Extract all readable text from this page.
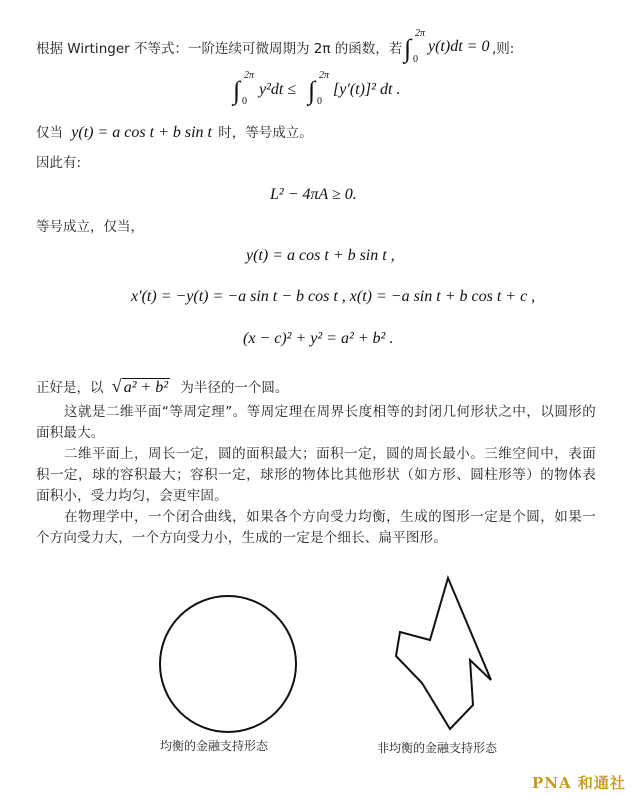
根据 Wirtinger 不等式：一阶连续可微周期为 2π 的函数，若 ∫
2π
0
y(t)dt = 0 ,则:
∫
2π
0
y²dt ≤ ∫
2π
0
[y′(t)]² dt .
仅当 y(t) = a cos t + b sin t 时，等号成立。
因此有:
L² − 4πA ≥ 0.
等号成立，仅当，
y(t) = a cos t + b sin t ,
x′(t) = −y(t) = −a sin t − b cos t , x(t) = −a sin t + b cos t + c ,
(x − c)² + y² = a² + b² .
正好是，以 √ a² + b² 为半径的一个圆。
这就是二维平面“等周定理”。等周定理在周界长度相等的封闭几何形状之中，以圆形的面积最大。
二维平面上，周长一定，圆的面积最大；面积一定，圆的周长最小。三维空间中，表面积一定，球的容积最大；容积一定，球形的物体比其他形状（如方形、圆柱形等）的物体表面积小，受力均匀，会更牢固。
在物理学中，一个闭合曲线，如果各个方向受力均衡，生成的图形一定是个圆，如果一个方向受力大，一个方向受力小，生成的一定是个细长、扁平图形。
均衡的金融支持形态	非均衡的金融支持形态
PNA 和通社
